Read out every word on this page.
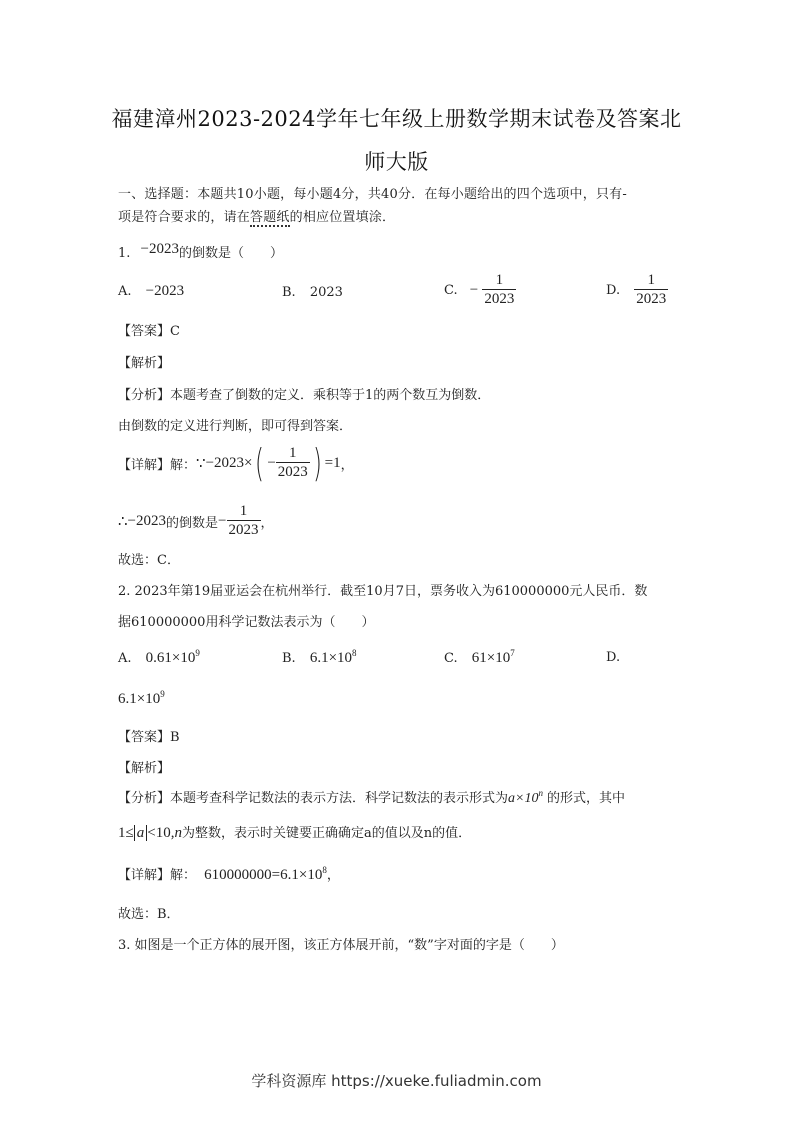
福建漳州2023-2024学年七年级上册数学期末试卷及答案北
师大版
一、选择题：本题共10小题，每小题4分，共40分．在每小题给出的四个选项中，只有-
项是符合要求的，请在答题纸的相应位置填涂．
1. −2023的倒数是（　　）
A. −2023	B. 2023	C. − $\frac{1}{2023}$	D. $\frac{1}{2023}$
【答案】C
【解析】
【分析】本题考查了倒数的定义．乘积等于1的两个数互为倒数．
由倒数的定义进行判断，即可得到答案．
【详解】解： ∵ −2023× ( − $\frac{1}{2023}$ ) =1 ，
∴ −2023 的倒数是 − $\frac{1}{2023}$ ，
故选：C．
2. 2023年第19届亚运会在杭州举行．截至10月7日，票务收入为610000000元人民币．数
据610000000用科学记数法表示为（　　）
A. $0.61\times 10^9$	B. $6.1\times 10^8$	C. $61\times 10^7$	D.
$6.1\times 10^9$
【答案】B
【解析】
【分析】本题考查科学记数法的表示方法．科学记数法的表示形式为$a\times 10^n$ 的形式，其中
1≤ a <10,n为整数，表示时关键要正确确定a的值以及n的值．
【详解】解： $610000000=6.1\times 10^8$，
故选：B．
3. 如图是一个正方体的展开图，该正方体展开前，“数”字对面的字是（　　）
学科资源库 https://xueke.fuliadmin.com
